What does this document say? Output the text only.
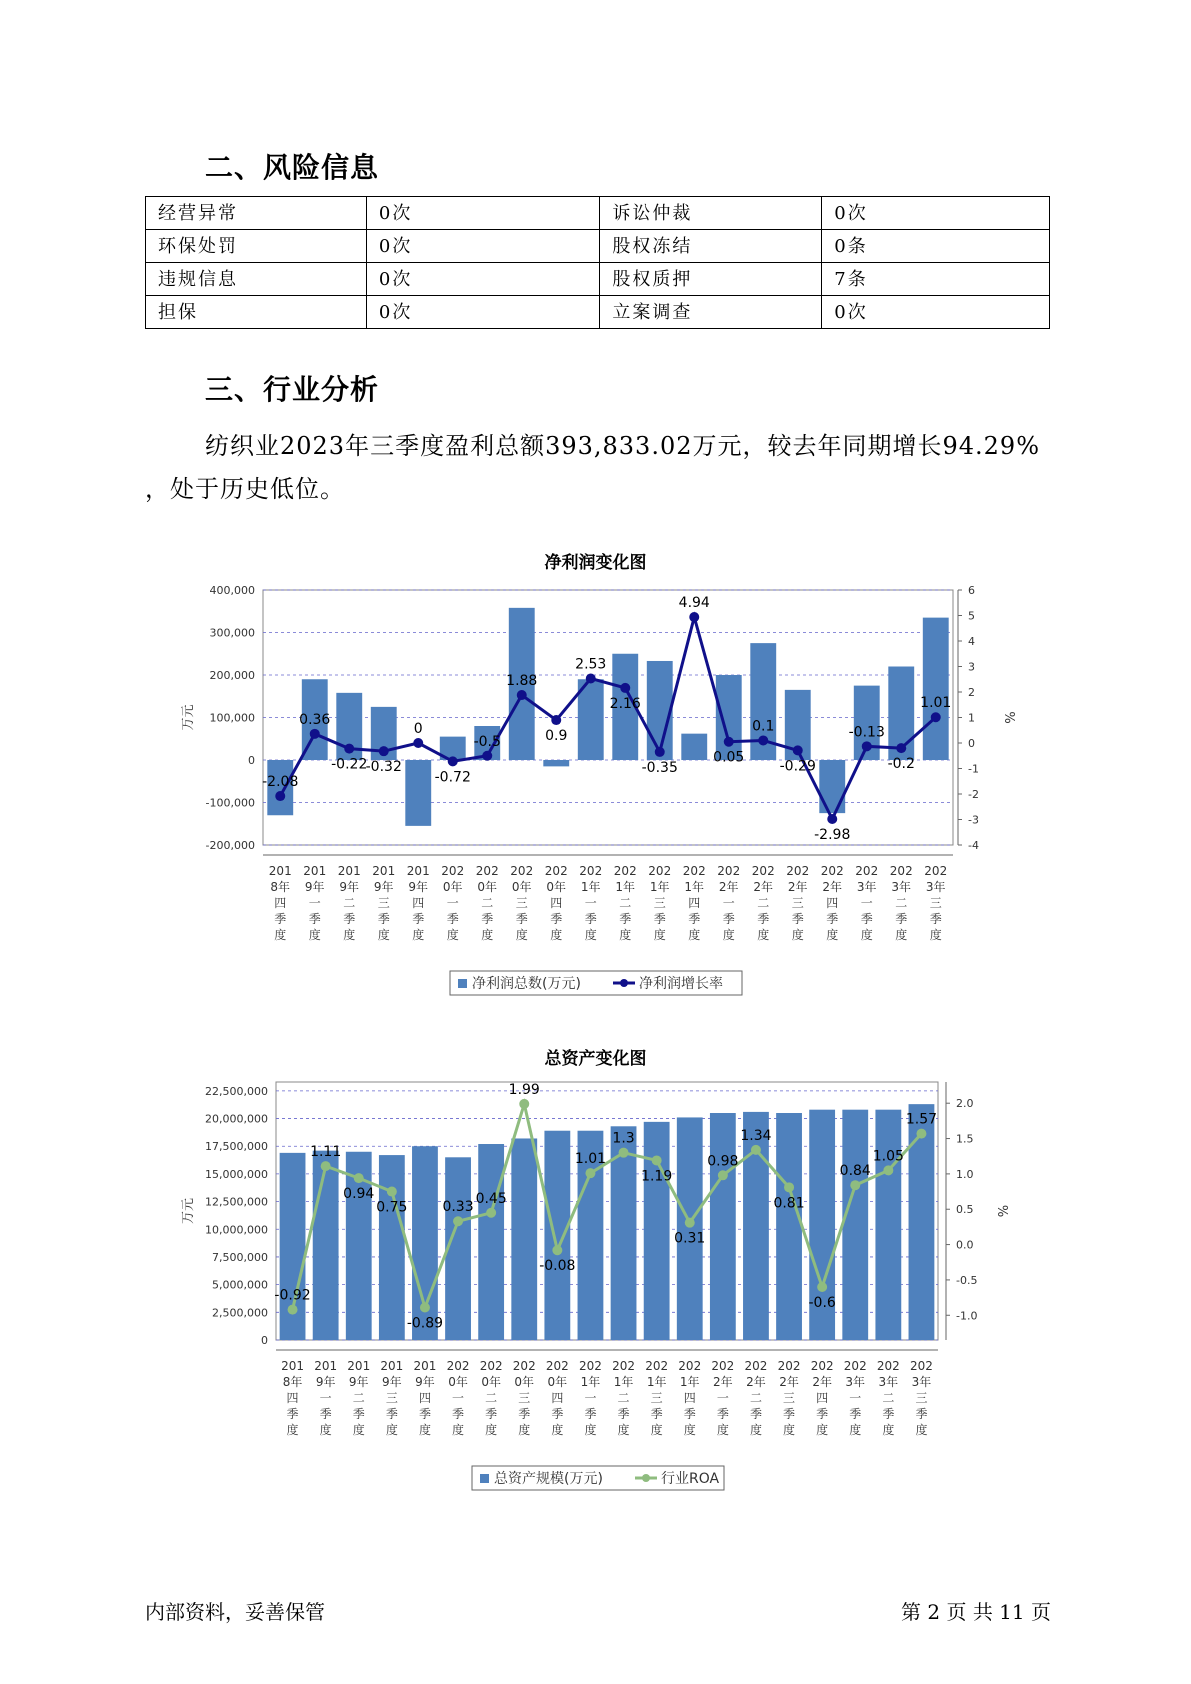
二、风险信息
经营异常	0次	诉讼仲裁	0次
环保处罚	0次	股权冻结	0条
违规信息	0次	股权质押	7条
担保	0次	立案调查	0次
三、行业分析
纺织业2023年三季度盈利总额393,833.02万元，较去年同期增长94.29%
，处于历史低位。
净利润变化图
400,000
300,000
200,000
100,000
0
-100,000
-200,000
6
5
4
3
2
1
0
-1
-2
-3
-4
万元	%
-2.08
0.36
-0.22
-0.32
0
-0.72
-0.5
1.88
0.9
2.53
2.16
-0.35
4.94
0.05
0.1
-0.29
-2.98
-0.13
-0.2
1.01
201
8年
四
季
度
201
9年
一
季
度
201
9年
二
季
度
201
9年
三
季
度
201
9年
四
季
度
202
0年
一
季
度
202
0年
二
季
度
202
0年
三
季
度
202
0年
四
季
度
202
1年
一
季
度
202
1年
二
季
度
202
1年
三
季
度
202
1年
四
季
度
202
2年
一
季
度
202
2年
二
季
度
202
2年
三
季
度
202
2年
四
季
度
202
3年
一
季
度
202
3年
二
季
度
202
3年
三
季
度
净利润总数(万元)	净利润增长率
总资产变化图
22,500,000
20,000,000
17,500,000
15,000,000
12,500,000
10,000,000
7,500,000
5,000,000
2,500,000
0
2.0
1.5
1.0
0.5
0.0
-0.5
-1.0
万元	%
-0.92
1.11
0.94
0.75
-0.89
0.33
0.45
1.99
-0.08
1.01
1.3
1.19
0.31
0.98
1.34
0.81
-0.6
0.84
1.05
1.57
201
8年
四
季
度
201
9年
一
季
度
201
9年
二
季
度
201
9年
三
季
度
201
9年
四
季
度
202
0年
一
季
度
202
0年
二
季
度
202
0年
三
季
度
202
0年
四
季
度
202
1年
一
季
度
202
1年
二
季
度
202
1年
三
季
度
202
1年
四
季
度
202
2年
一
季
度
202
2年
二
季
度
202
2年
三
季
度
202
2年
四
季
度
202
3年
一
季
度
202
3年
二
季
度
202
3年
三
季
度
总资产规模(万元)	行业ROA
内部资料，妥善保管	第 2 页 共 11 页
